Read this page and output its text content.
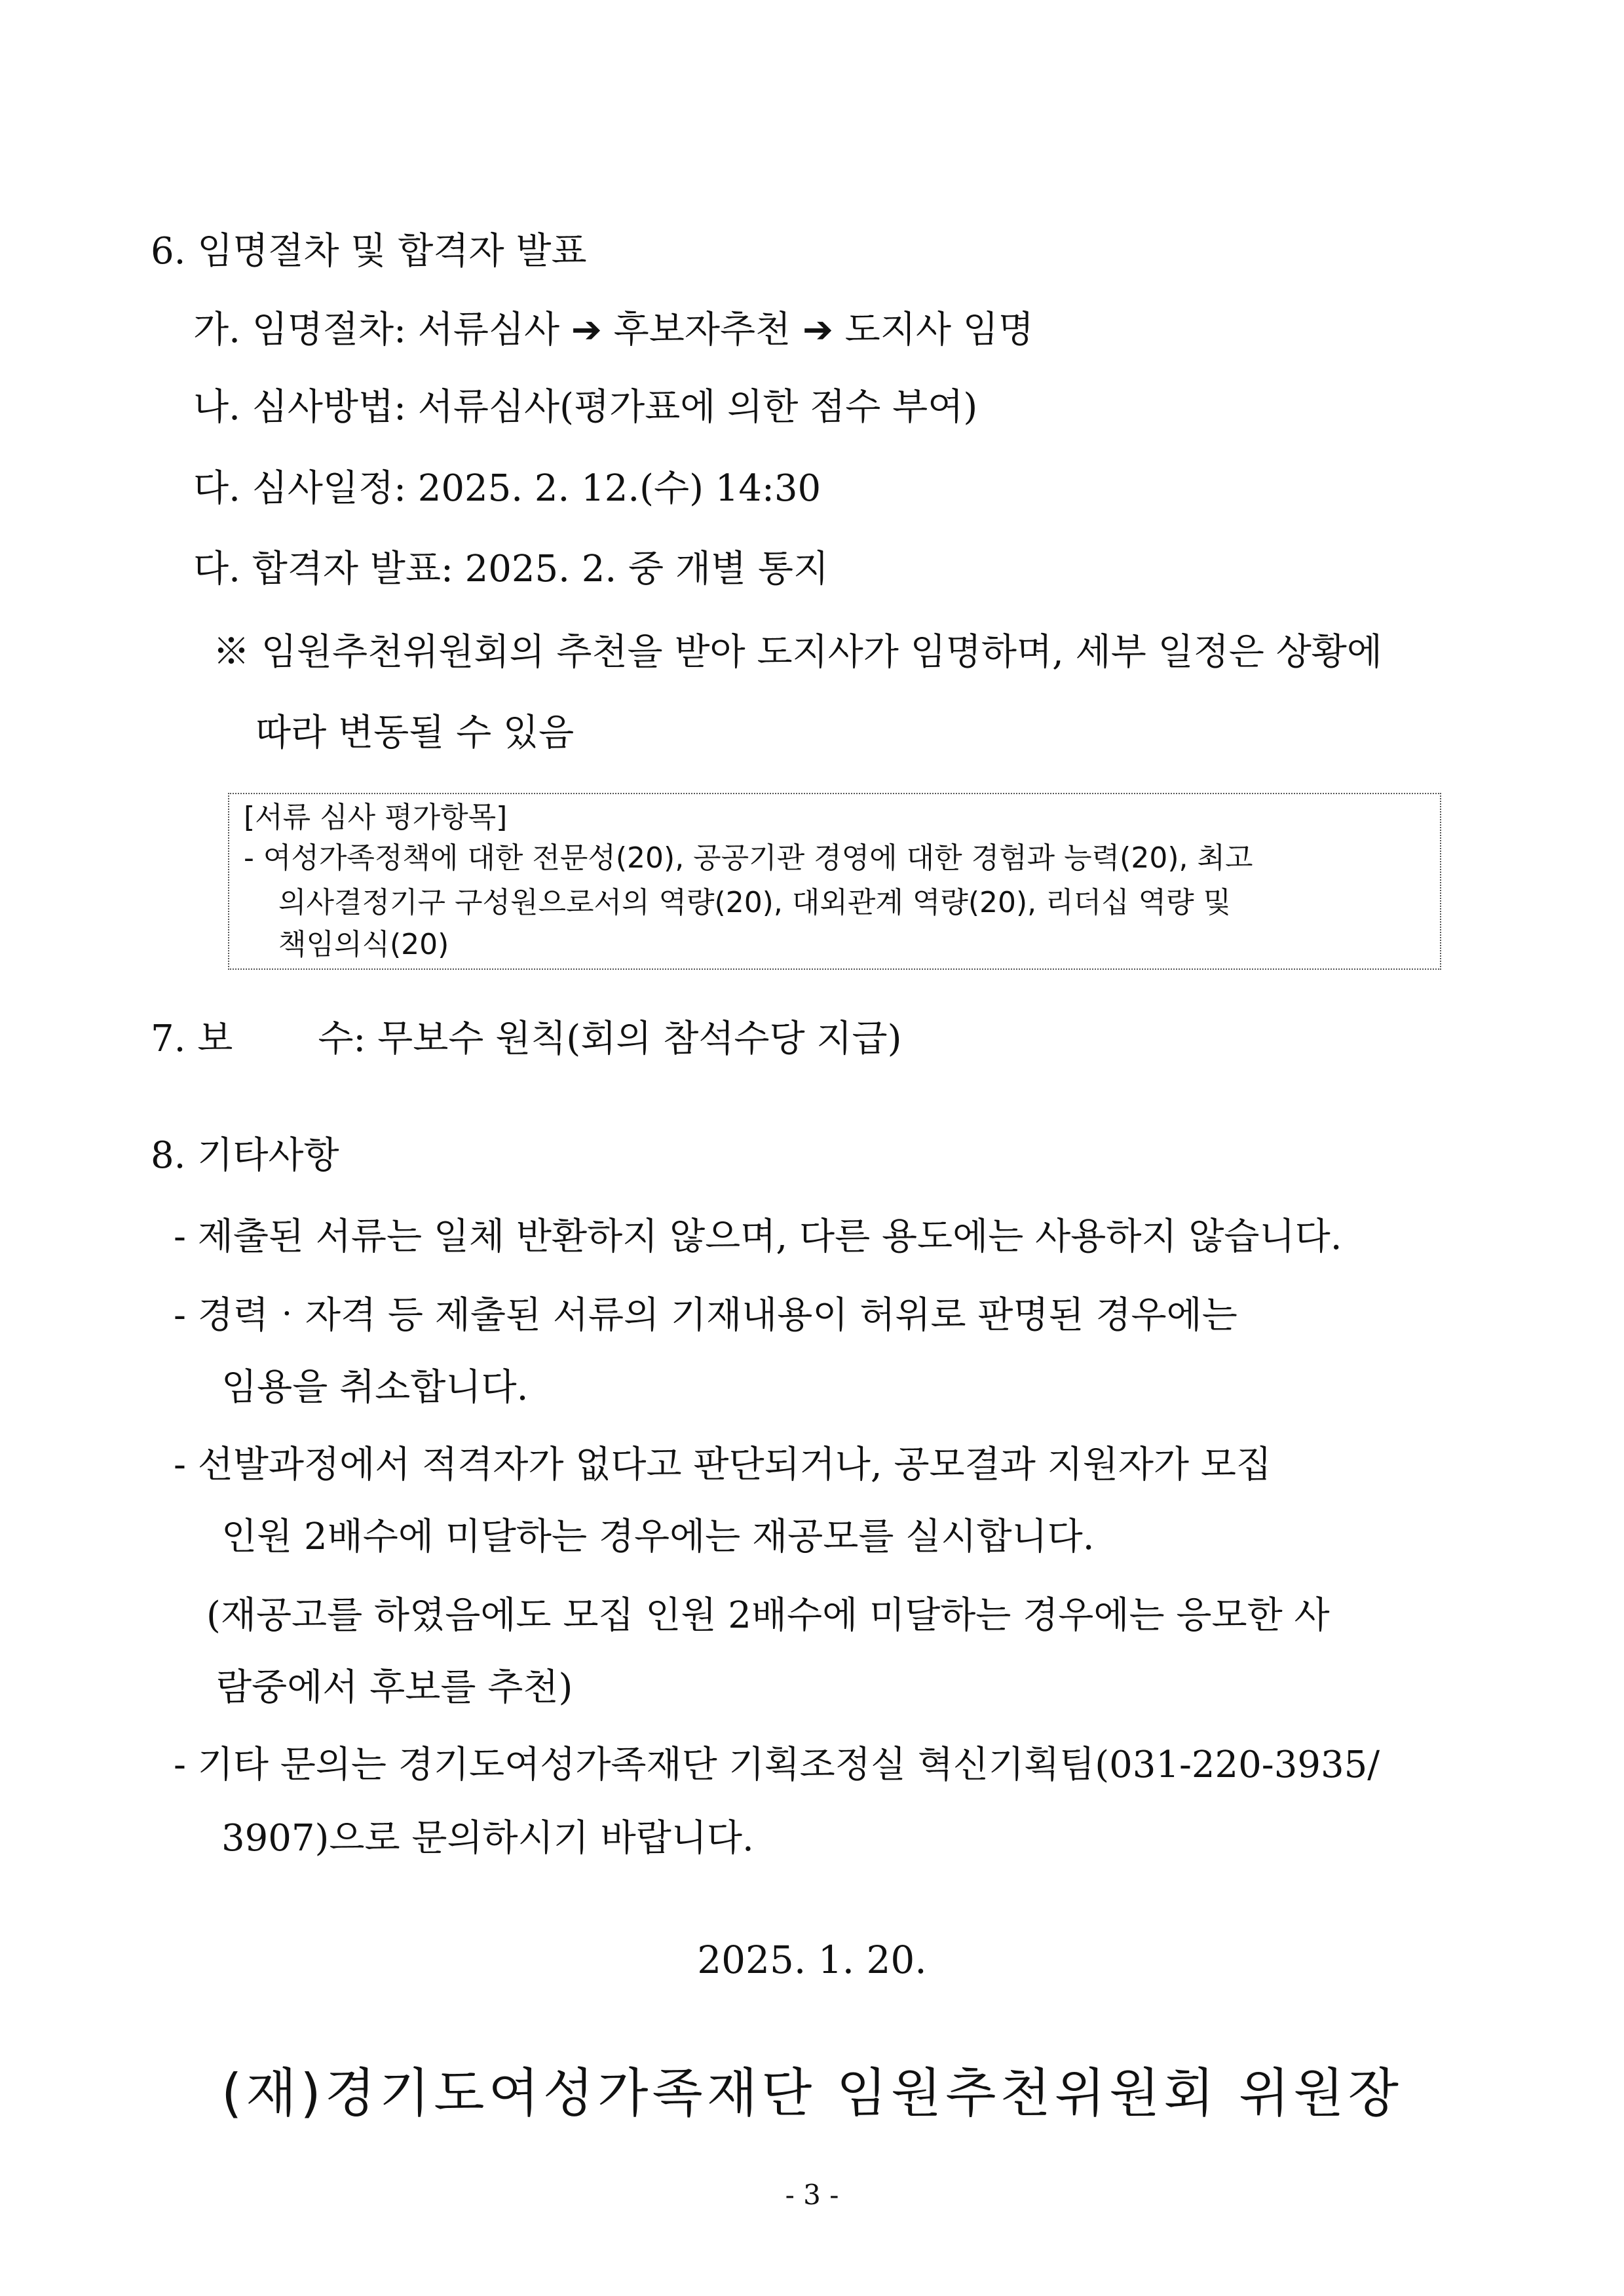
6. 임명절차 및 합격자 발표
가. 임명절차: 서류심사 ➔ 후보자추천 ➔ 도지사 임명
나. 심사방법: 서류심사(평가표에 의한 점수 부여)
다. 심사일정: 2025. 2. 12.(수) 14:30
다. 합격자 발표: 2025. 2. 중 개별 통지
※ 임원추천위원회의 추천을 받아 도지사가 임명하며, 세부 일정은 상황에
따라 변동될 수 있음
[서류 심사 평가항목]
- 여성가족정책에 대한 전문성(20), 공공기관 경영에 대한 경험과 능력(20), 최고
의사결정기구 구성원으로서의 역량(20), 대외관계 역량(20), 리더십 역량 및
책임의식(20)
7. 보 수: 무보수 원칙(회의 참석수당 지급)
8. 기타사항
- 제출된 서류는 일체 반환하지 않으며, 다른 용도에는 사용하지 않습니다.
- 경력‧자격 등 제출된 서류의 기재내용이 허위로 판명된 경우에는
임용을 취소합니다.
- 선발과정에서 적격자가 없다고 판단되거나, 공모결과 지원자가 모집
인원 2배수에 미달하는 경우에는 재공모를 실시합니다.
(재공고를 하였음에도 모집 인원 2배수에 미달하는 경우에는 응모한 사
람중에서 후보를 추천)
- 기타 문의는 경기도여성가족재단 기획조정실 혁신기획팀(031-220-3935/
3907)으로 문의하시기 바랍니다.
2025. 1. 20.
(재)경기도여성가족재단 임원추천위원회 위원장
- 3 -
